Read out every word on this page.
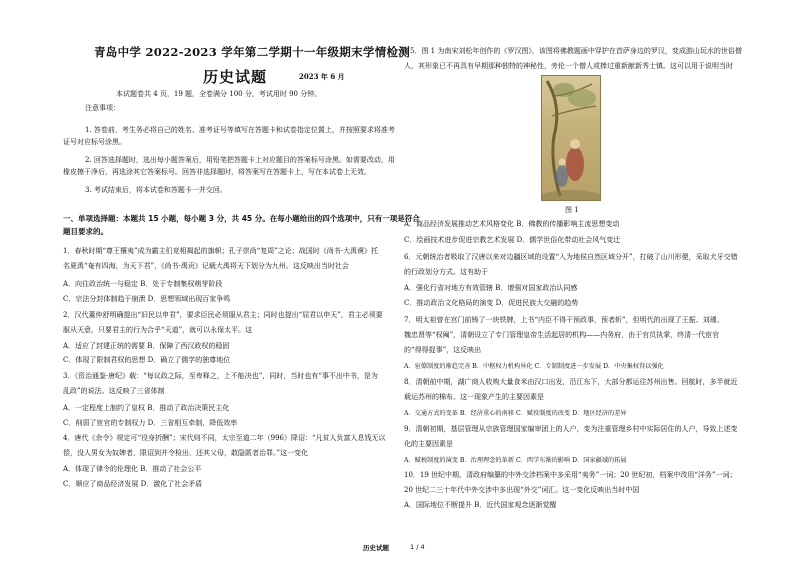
青岛中学 2022-2023 学年第二学期十一年级期末学情检测
历史试题	2023 年 6 月
本试题卷共 4 页，19 题，全卷满分 100 分，考试用时 90 分钟。
注意事项：
1. 答卷前，考生务必将自己的姓名、准考证号等填写在答题卡和试卷指定位置上，并按照要求将准考
证号对应标号涂黑。
2. 回答选择题时，选出每小题答案后，用铅笔把答题卡上对应题目的答案标号涂黑。如需要改动，用
橡皮擦干净后，再选涂其它答案标号。回答非选择题时，将答案写在答题卡上，写在本试卷上无效。
3. 考试结束后，将本试卷和答题卡一并交回。
一、单项选择题：本题共 15 小题，每小题 3 分，共 45 分。在每小题给出的四个选项中，只有一项是符合
题目要求的。
1．春秋时期“尊王攘夷”成为霸主们竞相揭起的旗帜；孔子崇尚“复周”之论；战国时《尚书·大禹谟》托
名夏禹“奄有四海，为天下君”，《尚书·禹贡》记载大禹将天下划分为九州。这反映出当时社会
A．向往政治统一与稳定 B．处于专制集权萌芽阶段
C．宗法分封体制趋于崩溃 D．思想领域出现百家争鸣
2．汉代董仲舒明确提出“旧民以申君”，要求臣民必须服从君主；同时也提出“屈君以申天”，君主必须要
服从天意，只要君主的行为合乎“天道”，就可以永保太平。这
A．适应了封建正统的需要 B．保障了西汉政权的稳固
C．体现了限制君权的思想 D．确立了儒学的独尊地位
3．《资治通鉴·唐纪》载：“每议政之际，至卑释之，上不能决也”，同时，当时也有“事不出中书，是为
乱政”的说法。这反映了三省体制
A．一定程度上制约了皇权 B．推动了政治决策民主化
C．削弱了宦官的专制权力 D．三省相互牵制，降低效率
4．唐代《余令》规定可“役身折酬”；宋代则不同，太宗至道二年（996）降诏：“凡贫人负富人息钱无以
偿，没人男女为奴婢者，限诏到并令检出，还其父母，敢隐匿者治罪。”这一变化
A．体现了律令的伦理化 B．推动了社会公平
C．顺应了商品经济发展 D．激化了社会矛盾
5．图 1 为南宋刘松年创作的《罗汉图》，该图将佛教题画中穿护在首萨身边的罗汉，变成游山玩水的世俗僧
人，其形象已不再具有早期那种独特的神秘性，旁伦一个僧人或捧过重新献新秀士镇。这可以用于说明当时
图 1
A．商品经济发展推动艺术风格变化 B．佛教的传播影响主流思想变动
C．绘画技术进步促进宗教艺术发展 D．儒学世俗化带动社会风气变迁
6．元朝统治者吸取了汉唐以来对边疆区域的设置“入为地侯自然区域分开”，打破了山川形便，采取犬牙交错
的行政划分方式。这有助于
A．强化行省对地方有效管辖 B．增强对国家政治认同感
C．推动政治文化格局的演变 D．促进民族大交融的趋势
7．明太祖曾在宫门前铸了一块铁牌，上书“内臣不得干预政事，预者斩”，但明代的出现了王振、刘瑾、
魏忠贤等“权阉”，清朝设立了专门管理皇帝生活起居的机构——内务府，由于官员执掌，终清一代宦官
的“得得捉事”，这反映出
A．宦僚制度的渐趋完善 B．中枢权力机构异化 C．专制制度进一步发展 D．中央集权得以强化
8．清朝前中期，湖广商人收购大量食米由汉口出发，沿江东下，大部分都运往苏州出售。回航时，多半就近
载运苏州的棉布。这一现象产生的主要因素是
A．交通方式的变革 B．经济重心的南移 C．赋役制度的改变 D．地区经济的差异
9．清朝初期，基层管理从宗族管理国家编审团上的人户，变为注重管理乡村中实际居住的人户，导致上述变
化的主要因素是
A．赋税制度的演变 B．治理理念的革新 C．西学东渐的影响 D．国家疆域的拓展
10．19 世纪中期，清政府编纂的中外交涉档案中多采用“夷务”一词；20 世纪初，档案中改用“洋务”一词；
20 世纪二三十年代中外交涉中多出现“外交”词汇。这一变化反映出当时中国
A．国际地位不断提升 B．近代国家观念逐渐觉醒
历史试题	1 / 4
